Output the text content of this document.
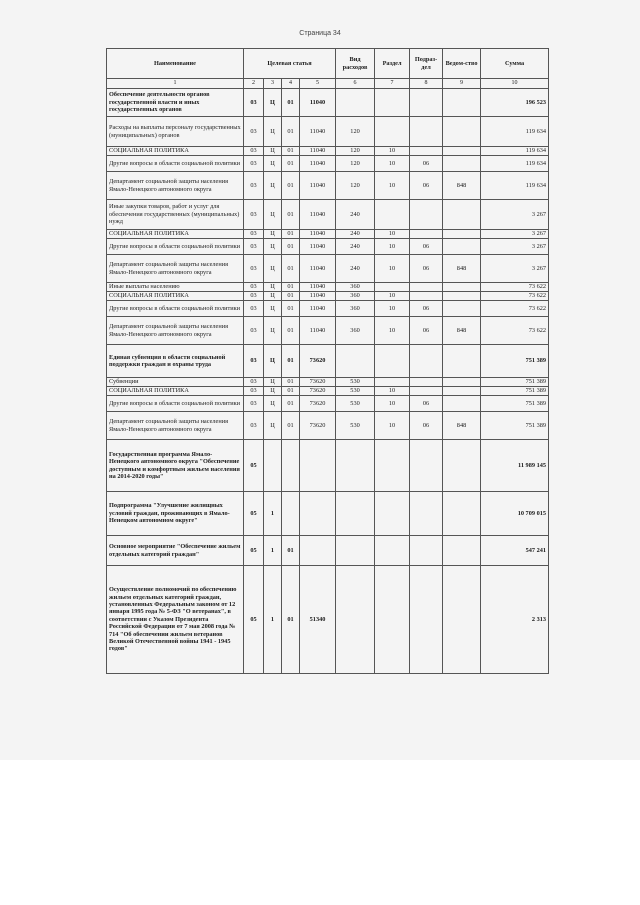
Страница 34
Наименование	Целевая статья				Вид расходов	Раздел	Подраз-дел	Ведом-ство	Сумма
1	2	3	4	5	6	7	8	9	10
Обеспечение деятельности органов государственной власти и иных государственных органов	03	Ц	01	11040					196 523
Расходы на выплаты персоналу государственных (муниципальных) органов	03	Ц	01	11040	120				119 634
СОЦИАЛЬНАЯ ПОЛИТИКА	03	Ц	01	11040	120	10			119 634
Другие вопросы в области социальной политики	03	Ц	01	11040	120	10	06		119 634
Департамент социальной защиты населения Ямало-Ненецкого автономного округа	03	Ц	01	11040	120	10	06	848	119 634
Иные закупки товаров, работ и услуг для обеспечения государственных (муниципальных) нужд	03	Ц	01	11040	240				3 267
СОЦИАЛЬНАЯ ПОЛИТИКА	03	Ц	01	11040	240	10			3 267
Другие вопросы в области социальной политики	03	Ц	01	11040	240	10	06		3 267
Департамент социальной защиты населения Ямало-Ненецкого автономного округа	03	Ц	01	11040	240	10	06	848	3 267
Иные выплаты населению	03	Ц	01	11040	360				73 622
СОЦИАЛЬНАЯ ПОЛИТИКА	03	Ц	01	11040	360	10			73 622
Другие вопросы в области социальной политики	03	Ц	01	11040	360	10	06		73 622
Департамент социальной защиты населения Ямало-Ненецкого автономного округа	03	Ц	01	11040	360	10	06	848	73 622
Единая субвенция в области социальной поддержки граждан и охраны труда	03	Ц	01	73620					751 389
Субвенции	03	Ц	01	73620	530				751 389
СОЦИАЛЬНАЯ ПОЛИТИКА	03	Ц	01	73620	530	10			751 389
Другие вопросы в области социальной политики	03	Ц	01	73620	530	10	06		751 389
Департамент социальной защиты населения Ямало-Ненецкого автономного округа	03	Ц	01	73620	530	10	06	848	751 389
Государственная программа Ямало-Ненецкого автономного округа "Обеспечение доступным и комфортным жильем населения на 2014-2020 годы"	05								11 989 145
Подпрограмма "Улучшение жилищных условий граждан, проживающих в Ямало-Ненецком автономном округе"	05	1							10 709 015
Основное мероприятие "Обеспечение жильем отдельных категорий граждан"	05	1	01						547 241
Осуществление полномочий по обеспечению жильем отдельных категорий граждан, установленных Федеральным законом от 12 января 1995 года № 5-ФЗ "О ветеранах", в соответствии с Указом Президента Российской Федерации от 7 мая 2008 года № 714 "Об обеспечении жильем ветеранов Великой Отечественной войны 1941 - 1945 годов"	05	1	01	51340					2 313
